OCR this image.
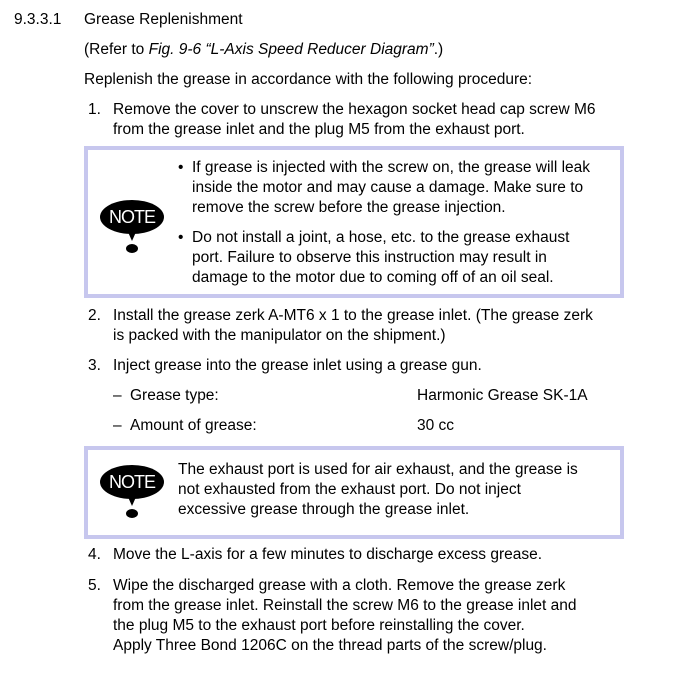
9.3.3.1 Grease Replenishment
(Refer to Fig. 9-6 “L-Axis Speed Reducer Diagram”.)
Replenish the grease in accordance with the following procedure:
1. Remove the cover to unscrew the hexagon socket head cap screw M6
from the grease inlet and the plug M5 from the exhaust port.
NOTE
• If grease is injected with the screw on, the grease will leak
inside the motor and may cause a damage. Make sure to
remove the screw before the grease injection.
• Do not install a joint, a hose, etc. to the grease exhaust
port. Failure to observe this instruction may result in
damage to the motor due to coming off of an oil seal.
2. Install the grease zerk A-MT6 x 1 to the grease inlet. (The grease zerk
is packed with the manipulator on the shipment.)
3. Inject grease into the grease inlet using a grease gun.
– Grease type:	Harmonic Grease SK-1A
– Amount of grease:	30 cc
NOTE
The exhaust port is used for air exhaust, and the grease is
not exhausted from the exhaust port. Do not inject
excessive grease through the grease inlet.
4. Move the L-axis for a few minutes to discharge excess grease.
5. Wipe the discharged grease with a cloth. Remove the grease zerk
from the grease inlet. Reinstall the screw M6 to the grease inlet and
the plug M5 to the exhaust port before reinstalling the cover.
Apply Three Bond 1206C on the thread parts of the screw/plug.
